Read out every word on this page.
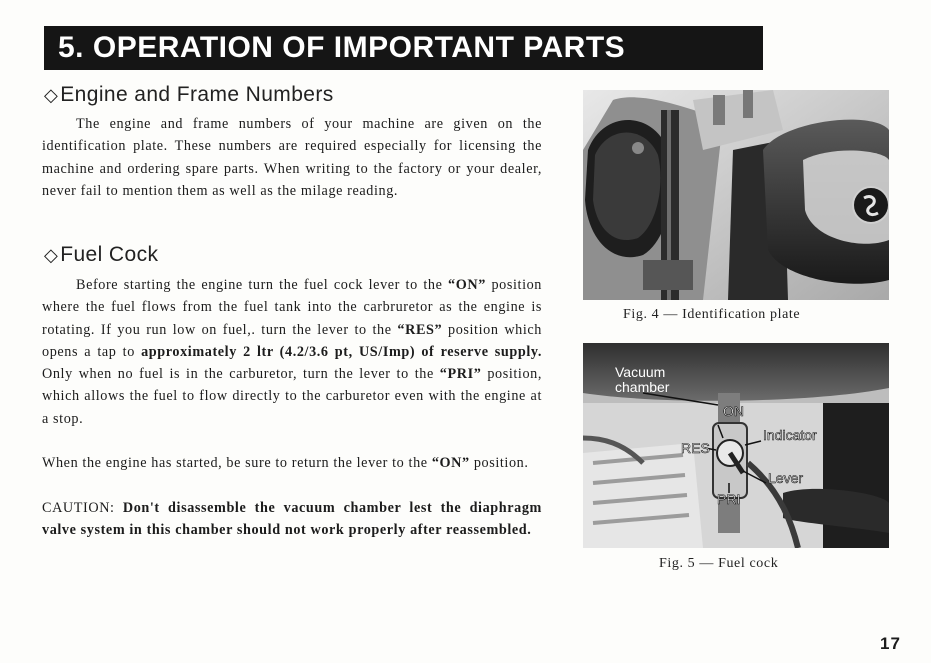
5. OPERATION OF IMPORTANT PARTS
◇Engine and Frame Numbers

The engine and frame numbers of your machine are given on the identification plate. These numbers are required especially for licensing the machine and ordering spare parts. When writing to the factory or your dealer, never fail to mention them as well as the milage reading.

◇Fuel Cock

Before starting the engine turn the fuel cock lever to the “ON” position where the fuel flows from the fuel tank into the carbruretor as the engine is rotating. If you run low on fuel,. turn the lever to the “RES” position which opens a tap to approximately 2 ltr (4.2/3.6 pt, US/Imp) of reserve supply. Only when no fuel is in the carburetor, turn the lever to the “PRI” position, which allows the fuel to flow directly to the carburetor even with the engine at a stop.

When the engine has started, be sure to return the lever to the “ON” position.

CAUTION: Don't disassemble the vacuum chamber lest the diaphragm valve system in this chamber should not work properly after reassembled.

Fig. 4 — Identification plate
Vacuum
chamber
ON
RES
Indicator
Lever
PRI
Fig. 5 — Fuel cock
17
